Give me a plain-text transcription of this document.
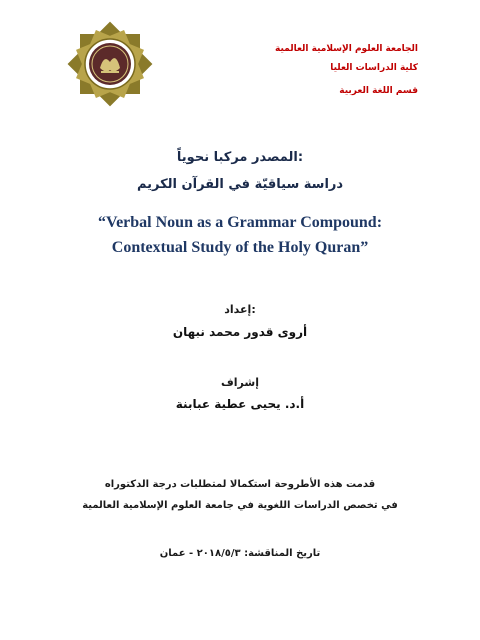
الجامعة العلوم الإسلامية العالمية
كلية الدراسات العليا
قسم اللغة العربية
المصدر مركبا نحوياً:
دراسة سياقيّة في القرآن الكريم
“Verbal Noun as a Grammar Compound:
Contextual Study of the Holy Quran”
إعداد:
أروى قدور محمد نبهان
إشراف
أ.د. يحيى عطية عبابنة
قدمت هذه الأطروحة استكمالا لمتطلبات درجة الدكتوراه
في تخصص الدراسات اللغوية في جامعة العلوم الإسلامية العالمية
تاريخ المناقشة: ٢٠١٨/٥/٣ - عمان
